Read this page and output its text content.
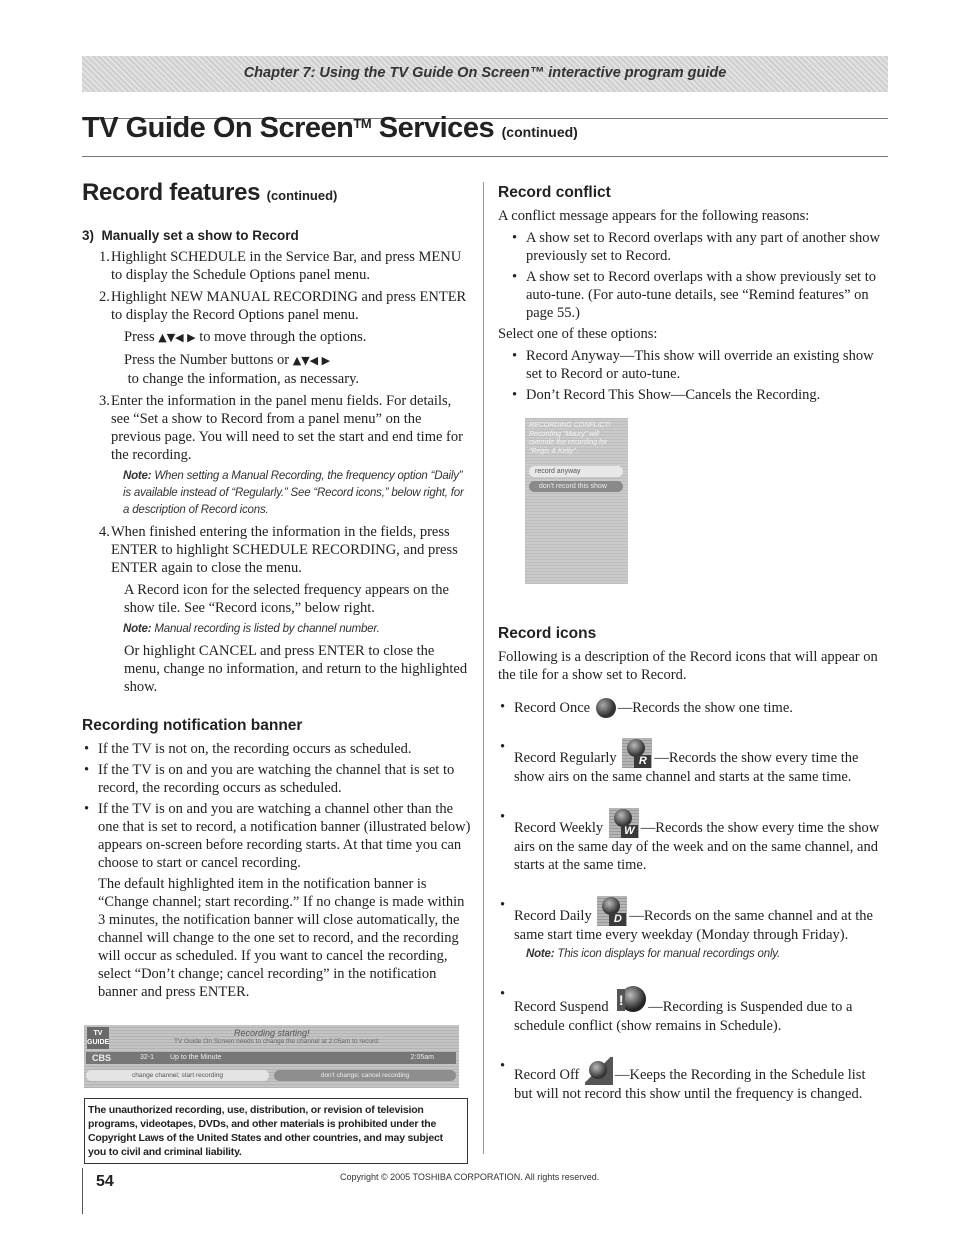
Chapter 7: Using the TV Guide On Screen™ interactive program guide
TV Guide On Screen™ Services (continued)
Record features (continued)
3)  Manually set a show to Record
1. Highlight SCHEDULE in the Service Bar, and press MENU to display the Schedule Options panel menu.
2. Highlight NEW MANUAL RECORDING and press ENTER to display the Record Options panel menu.

Press ▲▼◀ ▶ to move through the options.

Press the Number buttons or ▲▼◀ ▶ to change the information, as necessary.

3. Enter the information in the panel menu fields. For details, see “Set a show to Record from a panel menu” on the previous page. You will need to set the start and end time for the recording.

Note: When setting a Manual Recording, the frequency option “Daily” is available instead of “Regularly.” See “Record icons,” below right, for a description of Record icons.

4. When finished entering the information in the fields, press ENTER to highlight SCHEDULE RECORDING, and press ENTER again to close the menu.

A Record icon for the selected frequency appears on the show tile. See “Record icons,” below right.

Note: Manual recording is listed by channel number.

Or highlight CANCEL and press ENTER to close the menu, change no information, and return to the highlighted show.

Recording notification banner
• If the TV is not on, the recording occurs as scheduled.
• If the TV is on and you are watching the channel that is set to record, the recording occurs as scheduled.
• If the TV is on and you are watching a channel other than the one that is set to record, a notification banner (illustrated below) appears on-screen before recording starts. At that time you can choose to start or cancel recording.

The default highlighted item in the notification banner is “Change channel; start recording.” If no change is made within 3 minutes, the notification banner will close automatically, the channel will change to the one set to record, and the recording will occur as scheduled. If you want to cancel the recording, select “Don’t change; cancel recording” in the notification banner and press ENTER.

TV GUIDE
Recording starting!
TV Guide On Screen needs to change the channel at 2:05am to record:
CBS	32-1 Up to the Minute	2:05am
change channel; start recording	don't change; cancel recording
The unauthorized recording, use, distribution, or revision of television programs, videotapes, DVDs, and other materials is prohibited under the Copyright Laws of the United States and other countries, and may subject you to civil and criminal liability.
Record conflict

A conflict message appears for the following reasons:

• A show set to Record overlaps with any part of another show previously set to Record.
• A show set to Record overlaps with a show previously set to auto-tune. (For auto-tune details, see “Remind features” on page 55.)

Select one of these options:

• Record Anyway—This show will override an existing show set to Record or auto-tune.
• Don’t Record This Show—Cancels the Recording.
RECORDING CONFLICT!
Recording "Maury" will override the recording for "Regis & Kelly".
record anyway
don't record this show
Record icons

Following is a description of the Record icons that will appear on the tile for a show set to Record.

• Record Once —Records the show one time.
• Record Regularly	R —Records the show every time the show airs on the same channel and starts at the same time.
• Record Weekly W —Records the show every time the show airs on the same day of the week and on the same channel, and starts at the same time.
• Record Daily	D —Records on the same channel and at the same start time every weekday (Monday through Friday).

Note: This icon displays for manual recordings only.

• Record Suspend ! —Recording is Suspended due to a schedule conflict (show remains in Schedule).
• Record Off
—Keeps the Recording in the Schedule list but will not record this show until the frequency is changed.
54	Copyright © 2005 TOSHIBA CORPORATION. All rights reserved.
